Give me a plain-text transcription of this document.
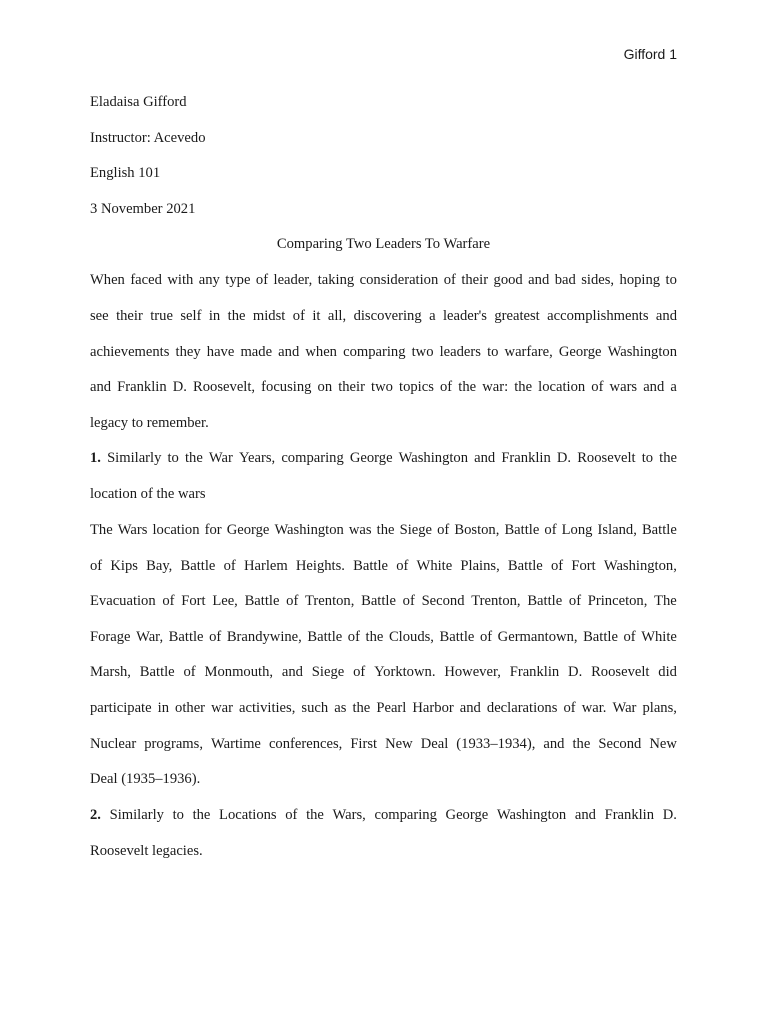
Gifford 1
Eladaisa Gifford
Instructor: Acevedo
English 101
3 November 2021
Comparing Two Leaders To Warfare
When faced with any type of leader, taking consideration of their good and bad sides, hoping to
see their true self in the midst of it all, discovering a leader's greatest accomplishments and
achievements they have made and when comparing two leaders to warfare, George Washington
and Franklin D. Roosevelt, focusing on their two topics of the war: the location of wars and a
legacy to remember.
1. Similarly to the War Years, comparing George Washington and Franklin D. Roosevelt to the
location of the wars
The Wars location for George Washington was the Siege of Boston, Battle of Long Island, Battle
of Kips Bay, Battle of Harlem Heights. Battle of White Plains, Battle of Fort Washington,
Evacuation of Fort Lee, Battle of Trenton, Battle of Second Trenton, Battle of Princeton, The
Forage War, Battle of Brandywine, Battle of the Clouds, Battle of Germantown, Battle of White
Marsh, Battle of Monmouth, and Siege of Yorktown. However, Franklin D. Roosevelt did
participate in other war activities, such as the Pearl Harbor and declarations of war. War plans,
Nuclear programs, Wartime conferences, First New Deal (1933–1934), and the Second New
Deal (1935–1936).
2. Similarly to the Locations of the Wars, comparing George Washington and Franklin D.
Roosevelt legacies.
